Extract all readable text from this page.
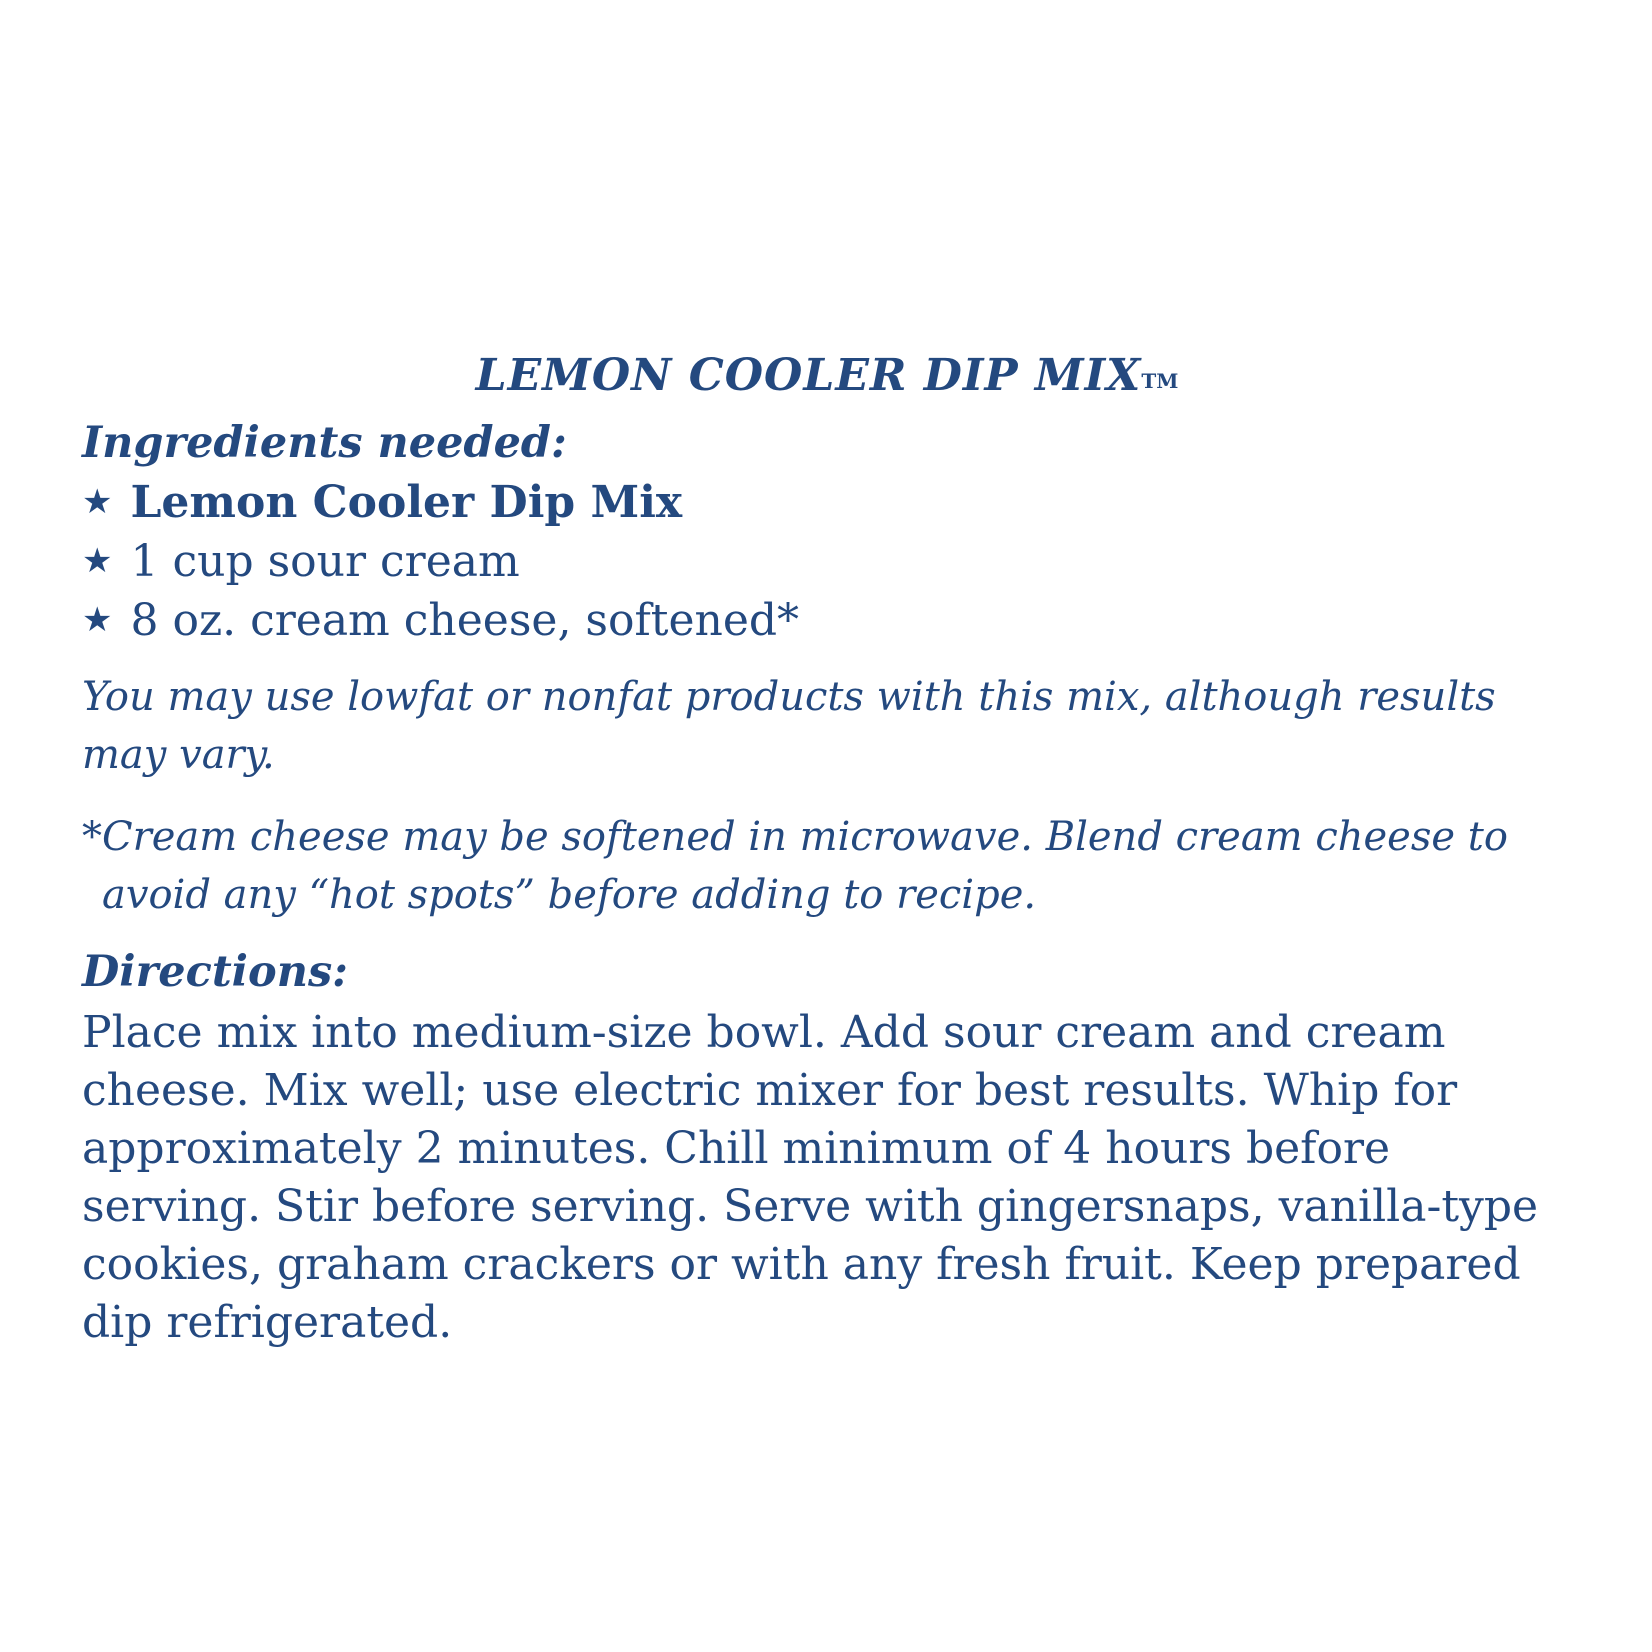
LEMON COOLER DIP MIXTM
Ingredients needed:
★ Lemon Cooler Dip Mix
★ 1 cup sour cream
★ 8 oz. cream cheese, softened*

You may use lowfat or nonfat products with this mix, although results may vary.

*Cream cheese may be softened in microwave. Blend cream cheese to avoid any “hot spots” before adding to recipe.

Directions:

Place mix into medium-size bowl. Add sour cream and cream cheese. Mix well; use electric mixer for best results. Whip for approximately 2 minutes. Chill minimum of 4 hours before serving. Stir before serving. Serve with gingersnaps, vanilla-type cookies, graham crackers or with any fresh fruit. Keep prepared dip refrigerated.
